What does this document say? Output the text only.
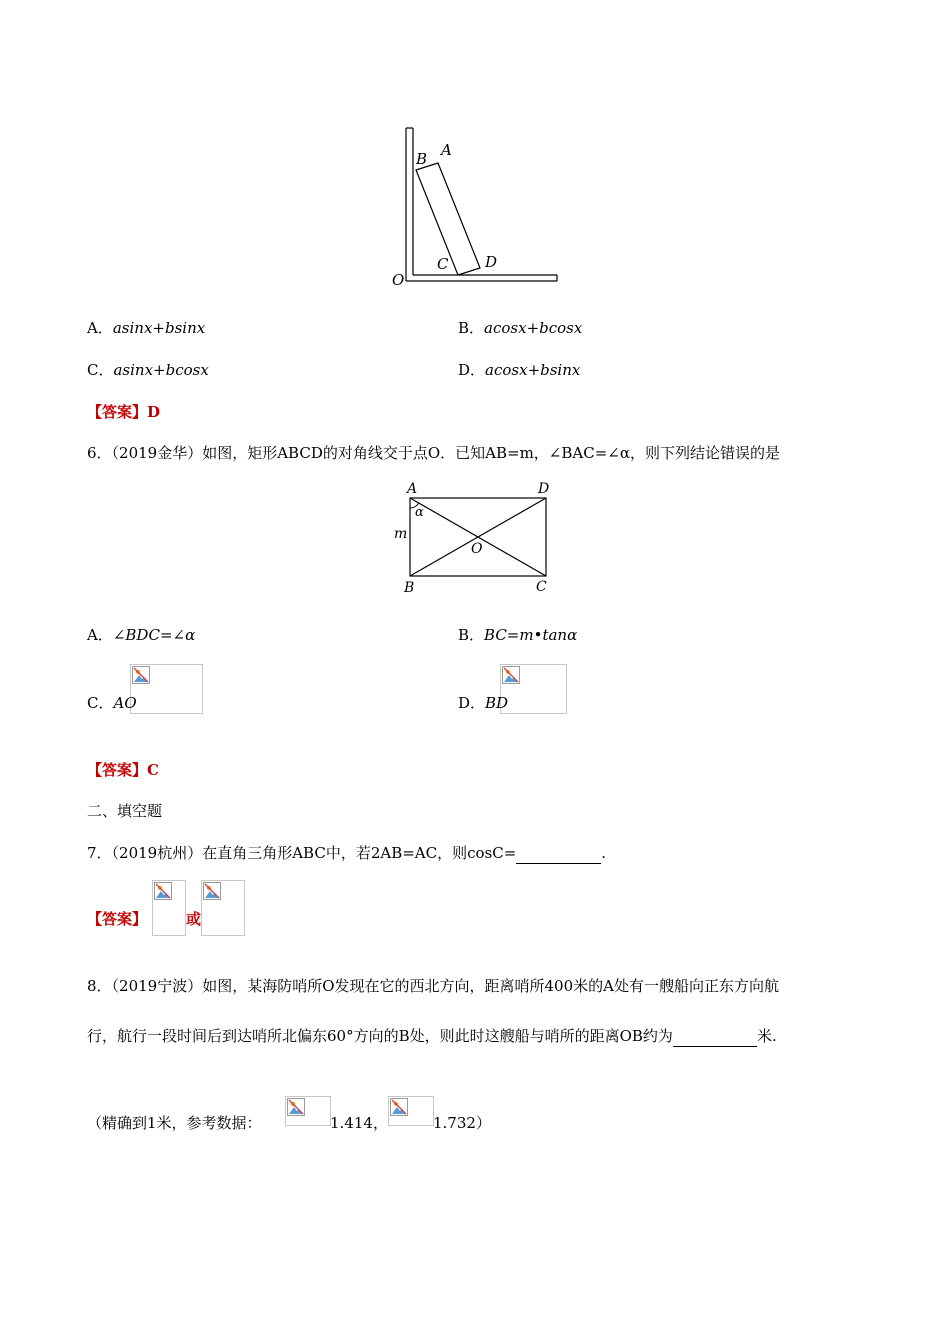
B A
C D
O
A．asinx+bsinx	B．acosx+bcosx
C．asinx+bcosx	D．acosx+bsinx
【答案】D
6．（2019金华）如图，矩形ABCD的对角线交于点O．已知AB=m，∠BAC=∠α，则下列结论错误的是
A	D
B	C
O
m
α
A．∠BDC=∠α	B．BC=m•tanα
C．AO	D．BD
【答案】C
二、填空题
7．（2019杭州）在直角三角形ABC中，若2AB=AC，则cosC=	.
【答案】	或
8．（2019宁波）如图，某海防哨所O发现在它的西北方向，距离哨所400米的A处有一艘船向正东方向航
行，航行一段时间后到达哨所北偏东60°方向的B处，则此时这艘船与哨所的距离OB约为	米.
（精确到1米，参考数据：	1.414，	1.732）
